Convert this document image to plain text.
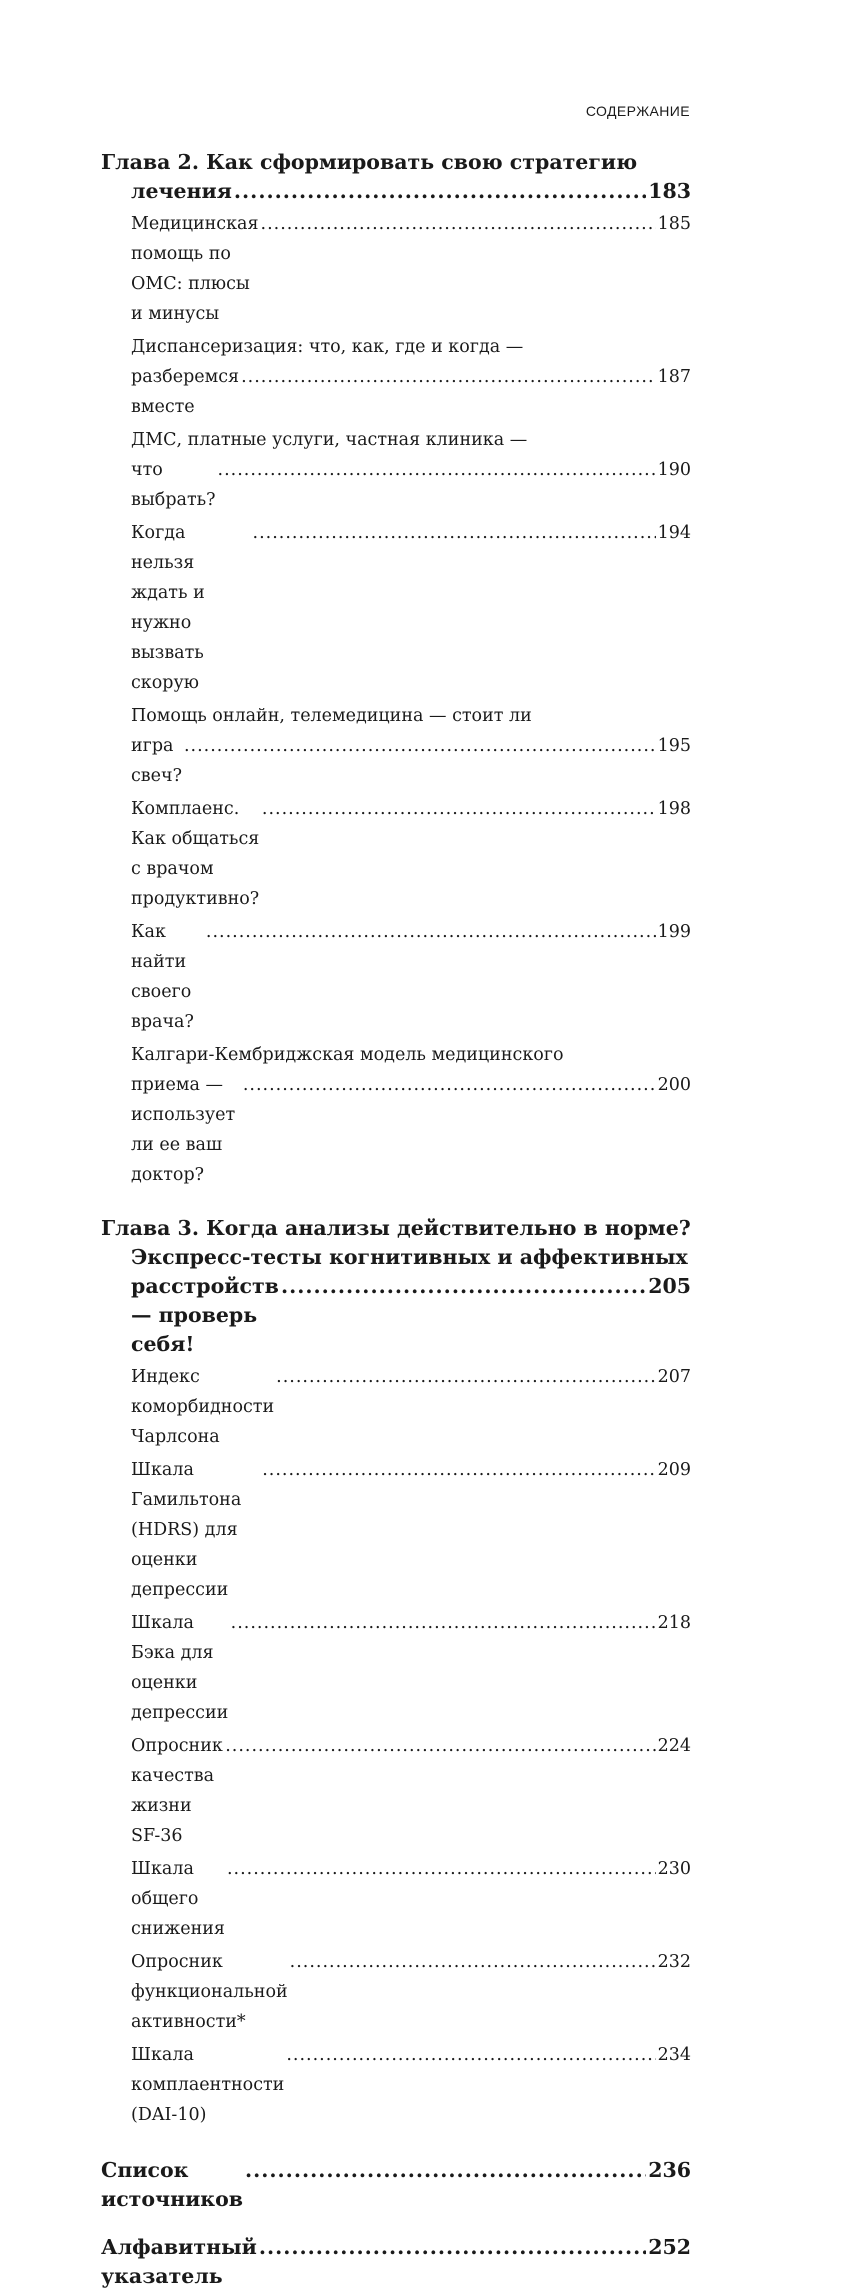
СОДЕРЖАНИЕ
Глава 2. Как сформировать свою стратегию
лечения
.....	183
Медицинская помощь по ОМС: плюсы и минусы
.....
185
Диспансеризация: что, как, где и когда —
разберемся вместе
.....
187
ДМС, платные услуги, частная клиника —
что выбрать?
.....
190
Когда нельзя ждать и нужно вызвать скорую
.....
194
Помощь онлайн, телемедицина — стоит ли
игра свеч?
.....
195
Комплаенс. Как общаться с врачом продуктивно?
.....
198
Как найти своего врача?
.....
199
Калгари-Кембриджская модель медицинского
приема — использует ли ее ваш доктор?
.....
200
Глава 3. Когда анализы действительно в норме?
Экспресс-тесты когнитивных и аффективных
расстройств — проверь себя!
.....
205
Индекс коморбидности Чарлсона
.....
207
Шкала Гамильтона (HDRS) для оценки депрессии
.....
209
Шкала Бэка для оценки депрессии
.....
218
Опросник качества жизни SF-36
.....
224
Шкала общего снижения
.....
230
Опросник функциональной активности*
.....
232
Шкала комплаентности (DAI-10)
.....
234
Список источников
.....
236
Алфавитный указатель
.....
252
